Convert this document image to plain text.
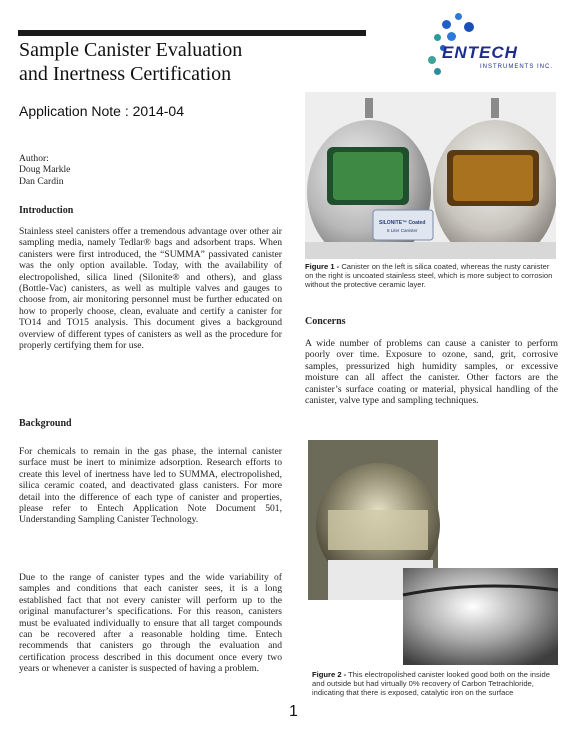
Sample Canister Evaluation
and Inertness Certification
Application Note : 2014-04
ENTECH
INSTRUMENTS INC.
Author:
Doug Markle
Dan Cardin
Introduction
Stainless steel canisters offer a tremendous advantage over other air sampling media, namely Tedlar® bags and adsorbent traps. When canisters were first introduced, the “SUMMA” passivated canister was the only option available. Today, with the availability of electropolished, silica lined (Silonite® and others), and glass (Bottle-Vac) canisters, as well as multiple valves and gauges to choose from, air monitoring personnel must be further educated on how to properly choose, clean, evaluate and certify a canister for TO14 and TO15 analysis. This document gives a background overview of different types of canisters as well as the procedure for properly certifying them for use.
Background
For chemicals to remain in the gas phase, the internal canister surface must be inert to minimize adsorption. Research efforts to create this level of inertness have led to SUMMA, electropolished, silica ceramic coated, and deactivated glass canisters. For more detail into the difference of each type of canister and properties, please refer to Entech Application Note Document 501, Understanding Sampling Canister Technology.
Due to the range of canister types and the wide variability of samples and conditions that each canister sees, it is a long established fact that not every canister will perform up to the original manufacturer’s specifications. For this reason, canisters must be evaluated individually to ensure that all target compounds can be recovered after a reasonable holding time. Entech recommends that canisters go through the evaluation and certification process described in this document once every two years or whenever a canister is suspected of having a problem.
SILONITE™ Coated
6 Liter Canister
Figure 1 - Canister on the left is silica coated, whereas the rusty canister on the right is uncoated stainless steel, which is more subject to corrosion without the protective ceramic layer.
Concerns
A wide number of problems can cause a canister to perform poorly over time. Exposure to ozone, sand, grit, corrosive samples, pressurized high humidity samples, or excessive moisture can all affect the canister. Other factors are the canister’s surface coating or material, physical handling of the canister, valve type and sampling techniques.
Figure 2 - This electropolished canister looked good both on the inside and outside but had virtually 0% recovery of Carbon Tetrachloride, indicating that there is exposed, catalytic iron on the surface
1
